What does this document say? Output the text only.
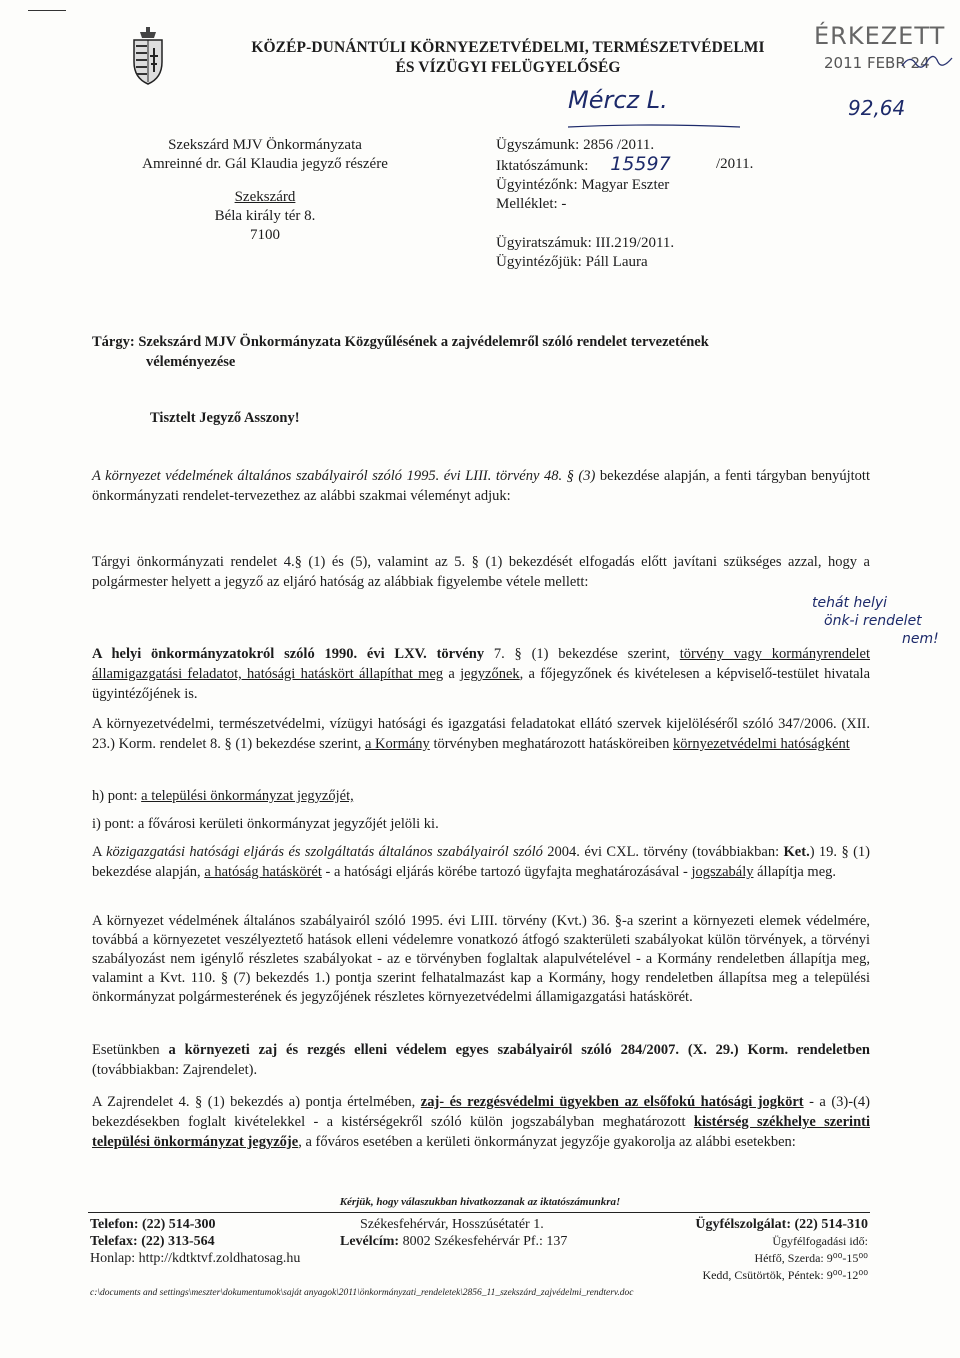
KÖZÉP-DUNÁNTÚLI KÖRNYEZETVÉDELMI, TERMÉSZETVÉDELMI
ÉS VÍZÜGYI FELÜGYELŐSÉG
ÉRKEZETT
2011 FEBR 24
92,64
Mércz L.
Szekszárd MJV Önkormányzata
Amreinné dr. Gál Klaudia jegyző részére
Szekszárd
Béla király tér 8.
7100
Ügyszámunk: 2856 /2011.
Iktatószámunk: 15597	/2011.
Ügyintézőnk: Magyar Eszter
Melléklet: -
Ügyiratszámuk: III.219/2011.
Ügyintézőjük: Páll Laura
Tárgy: Szekszárd MJV Önkormányzata Közgyűlésének a zajvédelemről szóló rendelet tervezetének
véleményezése
Tisztelt Jegyző Asszony!
A környezet védelmének általános szabályairól szóló 1995. évi LIII. törvény 48. § (3) bekezdése alapján, a fenti tárgyban benyújtott önkormányzati rendelet-tervezethez az alábbi szakmai véleményt adjuk:
Tárgyi önkormányzati rendelet 4.§ (1) és (5), valamint az 5. § (1) bekezdését elfogadás előtt javítani szükséges azzal, hogy a polgármester helyett a jegyző az eljáró hatóság az alábbiak figyelembe vétele mellett:
tehát helyi
önk-i rendelet
nem!
A helyi önkormányzatokról szóló 1990. évi LXV. törvény 7. § (1) bekezdése szerint, törvény vagy kormányrendelet államigazgatási feladatot, hatósági hatáskört állapíthat meg a jegyzőnek, a főjegyzőnek és kivételesen a képviselő-testület hivatala ügyintézőjének is.
A környezetvédelmi, természetvédelmi, vízügyi hatósági és igazgatási feladatokat ellátó szervek kijelöléséről szóló 347/2006. (XII. 23.) Korm. rendelet 8. § (1) bekezdése szerint, a Kormány törvényben meghatározott hatásköreiben környezetvédelmi hatóságként
h) pont: a települési önkormányzat jegyzőjét,
i) pont: a fővárosi kerületi önkormányzat jegyzőjét jelöli ki.
A közigazgatási hatósági eljárás és szolgáltatás általános szabályairól szóló 2004. évi CXL. törvény (továbbiakban: Ket.) 19. § (1) bekezdése alapján, a hatóság hatáskörét - a hatósági eljárás körébe tartozó ügyfajta meghatározásával - jogszabály állapítja meg.
A környezet védelmének általános szabályairól szóló 1995. évi LIII. törvény (Kvt.) 36. §-a szerint a környezeti elemek védelmére, továbbá a környezetet veszélyeztető hatások elleni védelemre vonatkozó átfogó szakterületi szabályokat külön törvények, a törvényi szabályozást nem igénylő részletes szabályokat - az e törvényben foglaltak alapulvételével - a Kormány rendeletben állapítja meg, valamint a Kvt. 110. § (7) bekezdés 1.) pontja szerint felhatalmazást kap a Kormány, hogy rendeletben állapítsa meg a települési önkormányzat polgármesterének és jegyzőjének részletes környezetvédelmi államigazgatási hatáskörét.
Esetünkben a környezeti zaj és rezgés elleni védelem egyes szabályairól szóló 284/2007. (X. 29.) Korm. rendeletben (továbbiakban: Zajrendelet).
A Zajrendelet 4. § (1) bekezdés a) pontja értelmében, zaj- és rezgésvédelmi ügyekben az elsőfokú hatósági jogkört - a (3)-(4) bekezdésekben foglalt kivételekkel - a kistérségekről szóló külön jogszabályban meghatározott kistérség székhelye szerinti települési önkormányzat jegyzője, a főváros esetében a kerületi önkormányzat jegyzője gyakorolja az alábbi esetekben:
Kérjük, hogy válaszukban hivatkozzanak az iktatószámunkra!
Telefon: (22) 514-300
Telefax: (22) 313-564
Honlap: http://kdtktvf.zoldhatosag.hu
Székesfehérvár, Hosszúsétatér 1.
Levélcím: 8002 Székesfehérvár Pf.: 137
Ügyfélszolgálat: (22) 514-310
Ügyfélfogadási idő:
Hétfő, Szerda: 9⁰⁰-15⁰⁰
Kedd, Csütörtök, Péntek: 9⁰⁰-12⁰⁰
c:\documents and settings\meszter\dokumentumok\saját anyagok\2011\önkormányzati_rendeletek\2856_11_szekszárd_zajvédelmi_rendterv.doc
